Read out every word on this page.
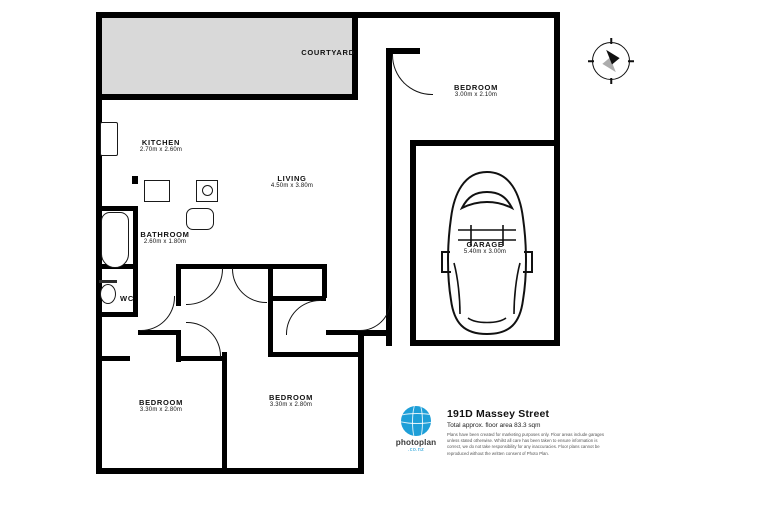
COURTYARD
BEDROOM
3.00m x 2.10m
KITCHEN
2.70m x 2.60m
LIVING
4.50m x 3.80m
GARAGE
5.40m x 3.00m
BATHROOM
2.60m x 1.80m
WC
BEDROOM
3.30m x 2.80m
BEDROOM
3.30m x 2.80m
photoplan
.co.nz
191D Massey Street
Total approx. floor area 83.3 sqm
Plans have been created for marketing purposes only. Floor areas include garages unless stated otherwise. Whilst all care has been taken to ensure information is correct, we do not take responsibility for any inaccuracies. Floor plans cannot be reproduced without the written consent of Photo Plan.
